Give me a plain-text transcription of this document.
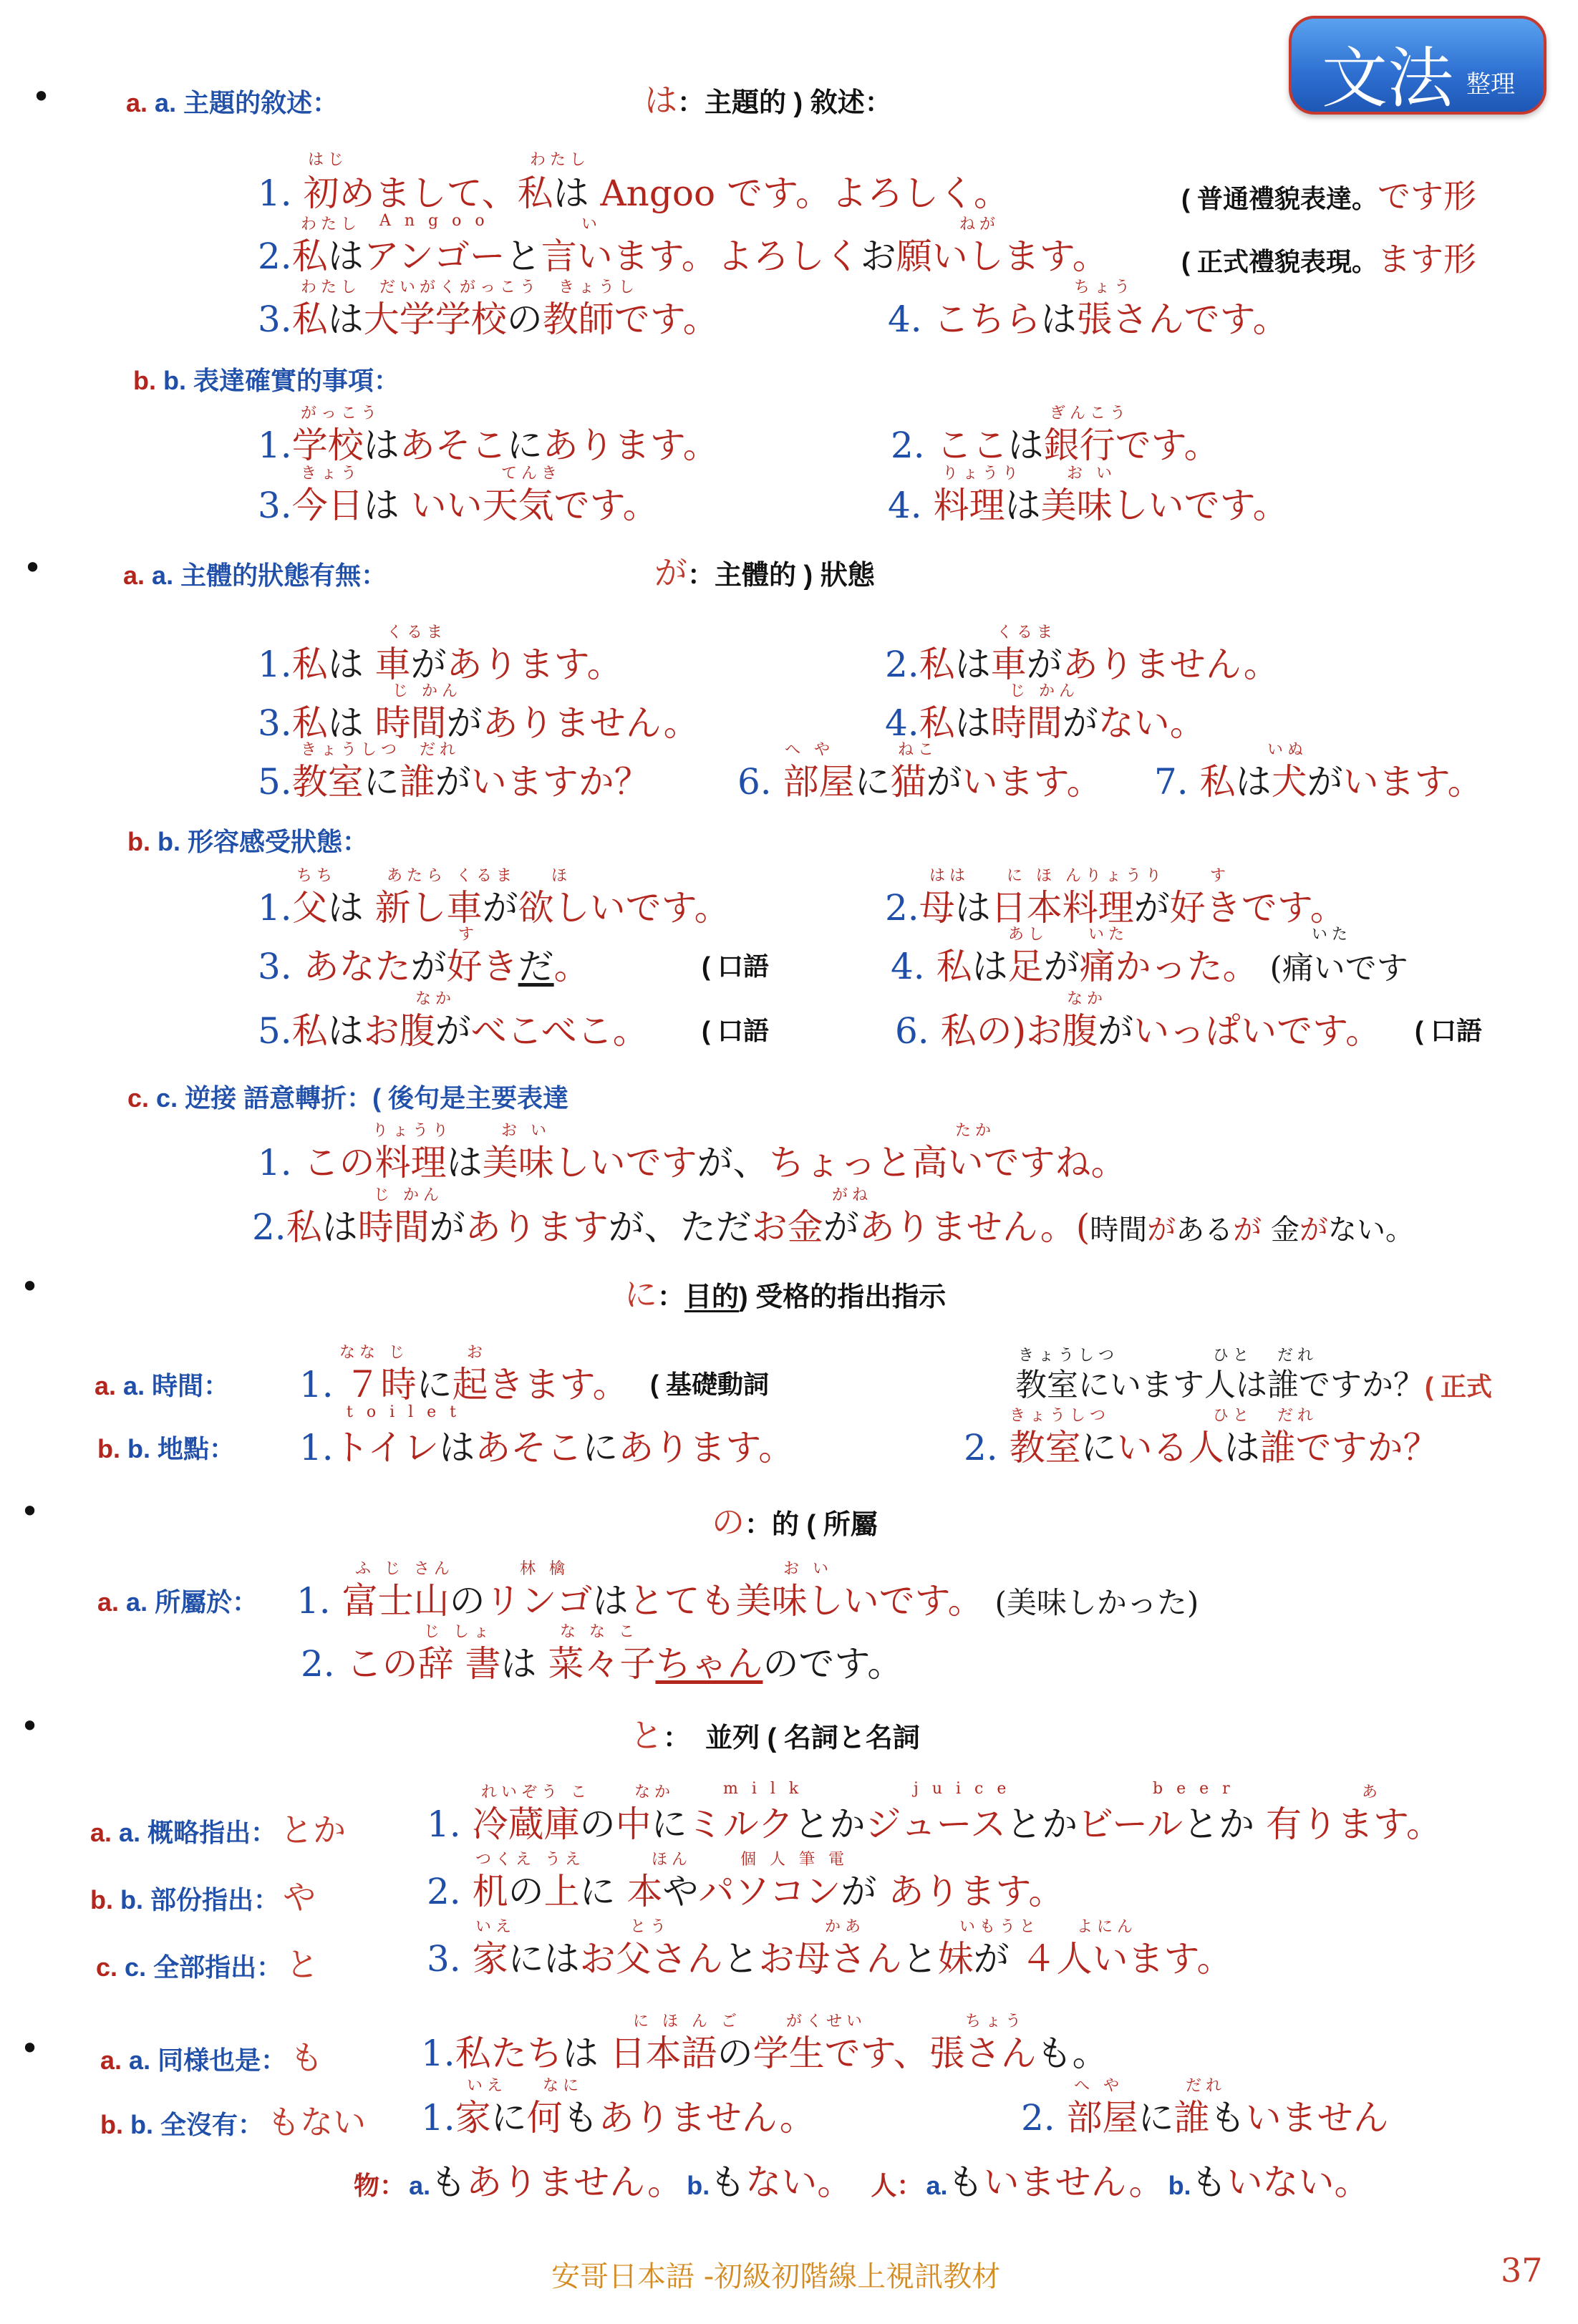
文法 整理
•	a. a. 主題的敘述：	は：主題的 ) 敘述：
はじ	わたし
1. 初めまして、私は Angoo です。よろしく。	( 普通禮貌表達。です形
わたし A n g o o	い	ねが
2.私はアンゴーと言います。よろしくお願いします。	( 正式禮貌表現。ます形
わたし だいがくがっこう きょうし
3.私は大学学校の教師です。
ちょう
4. こちらは張さんです。
b. b. 表達確實的事項：
がっこう
1.学校はあそこにあります。
ぎんこう
2. ここは銀行です。
きょう	てんき
3.今日は いい天気です。
りょうり	お い
4. 料理は美味しいです。
•	a. a. 主體的狀態有無：	が：主體的 ) 狀態
くるま
1.私は 車があります。
くるま
2.私は車がありません。
じ かん
3.私は 時間がありません。
じ かん
4.私は時間がない。
きょうしつ だれ
5.教室に誰がいますか？
へ や	ねこ
6. 部屋に猫がいます。
いぬ
7. 私は犬がいます。
b. b. 形容感受狀態：
ちち	あたら くるま ほ
1.父は 新し車が欲しいです。
はは に ほ んりょうり	す
2.母は日本料理が好きです。
す
3. あなたが好きだ。	( 口語
あし	いた	いた
4. 私は足が痛かった。 (痛いです
なか
5.私はお腹がべこべこ。 ( 口語
なか
6. 私の)お腹がいっぱいです。 ( 口語
c. c. 逆接 語意轉折：( 後句是主要表達
りょうり	お い	たか
1. この料理は美味しいですが、ちょっと高いですね。
じ かん	がね
2.私は時間がありますが、ただお金がありません。(時間があるが 金がない。
•	に：目的) 受格的指出指示
a. a. 時間：
なな じ	お
1. ７時に起きます。 ( 基礎動詞
きょうしつ	ひと だれ
教室にいます人は誰ですか？( 正式
b. b. 地點：
t o i l e t
1.トイレはあそこにあります。
きょうしつ	ひと だれ
2. 教室にいる人は誰ですか？
•	の：的 ( 所屬
a. a. 所屬於：
ふ じ さん	林 檎	お い
1. 富士山のリンゴはとても美味しいです。 (美味しかった)
じ しょ	な な こ
2. この辞 書は 菜々子ちゃんのです。
•	と：  並列 ( 名詞と名詞
a. a. 概略指出： とか
れいぞう こ	なか	m i l k	j u i c e	b e e r	あ
1. 冷蔵庫の中にミルクとかジュースとかビールとか 有ります。
b. b. 部份指出： や
つくえ うえ	ほん	個 人 筆 電
2. 机の上に 本やパソコンが あります。
c. c. 全部指出： と
いえ	とう	かあ	いもうと よにん
3. 家にはお父さんとお母さんと妹が ４人います。
• a. a. 同様也是： も
に ほ ん ご	がくせい	ちょう
1.私たちは 日本語の学生です、張さんも。
b. b. 全沒有： もない
いえ なに
1.家に何もありません。
へ や	だれ
2. 部屋に誰もいません
物： a.もありません。 b.もない。 人： a.もいません。 b.もいない。
安哥日本語 -初級初階線上視訊教材	37
